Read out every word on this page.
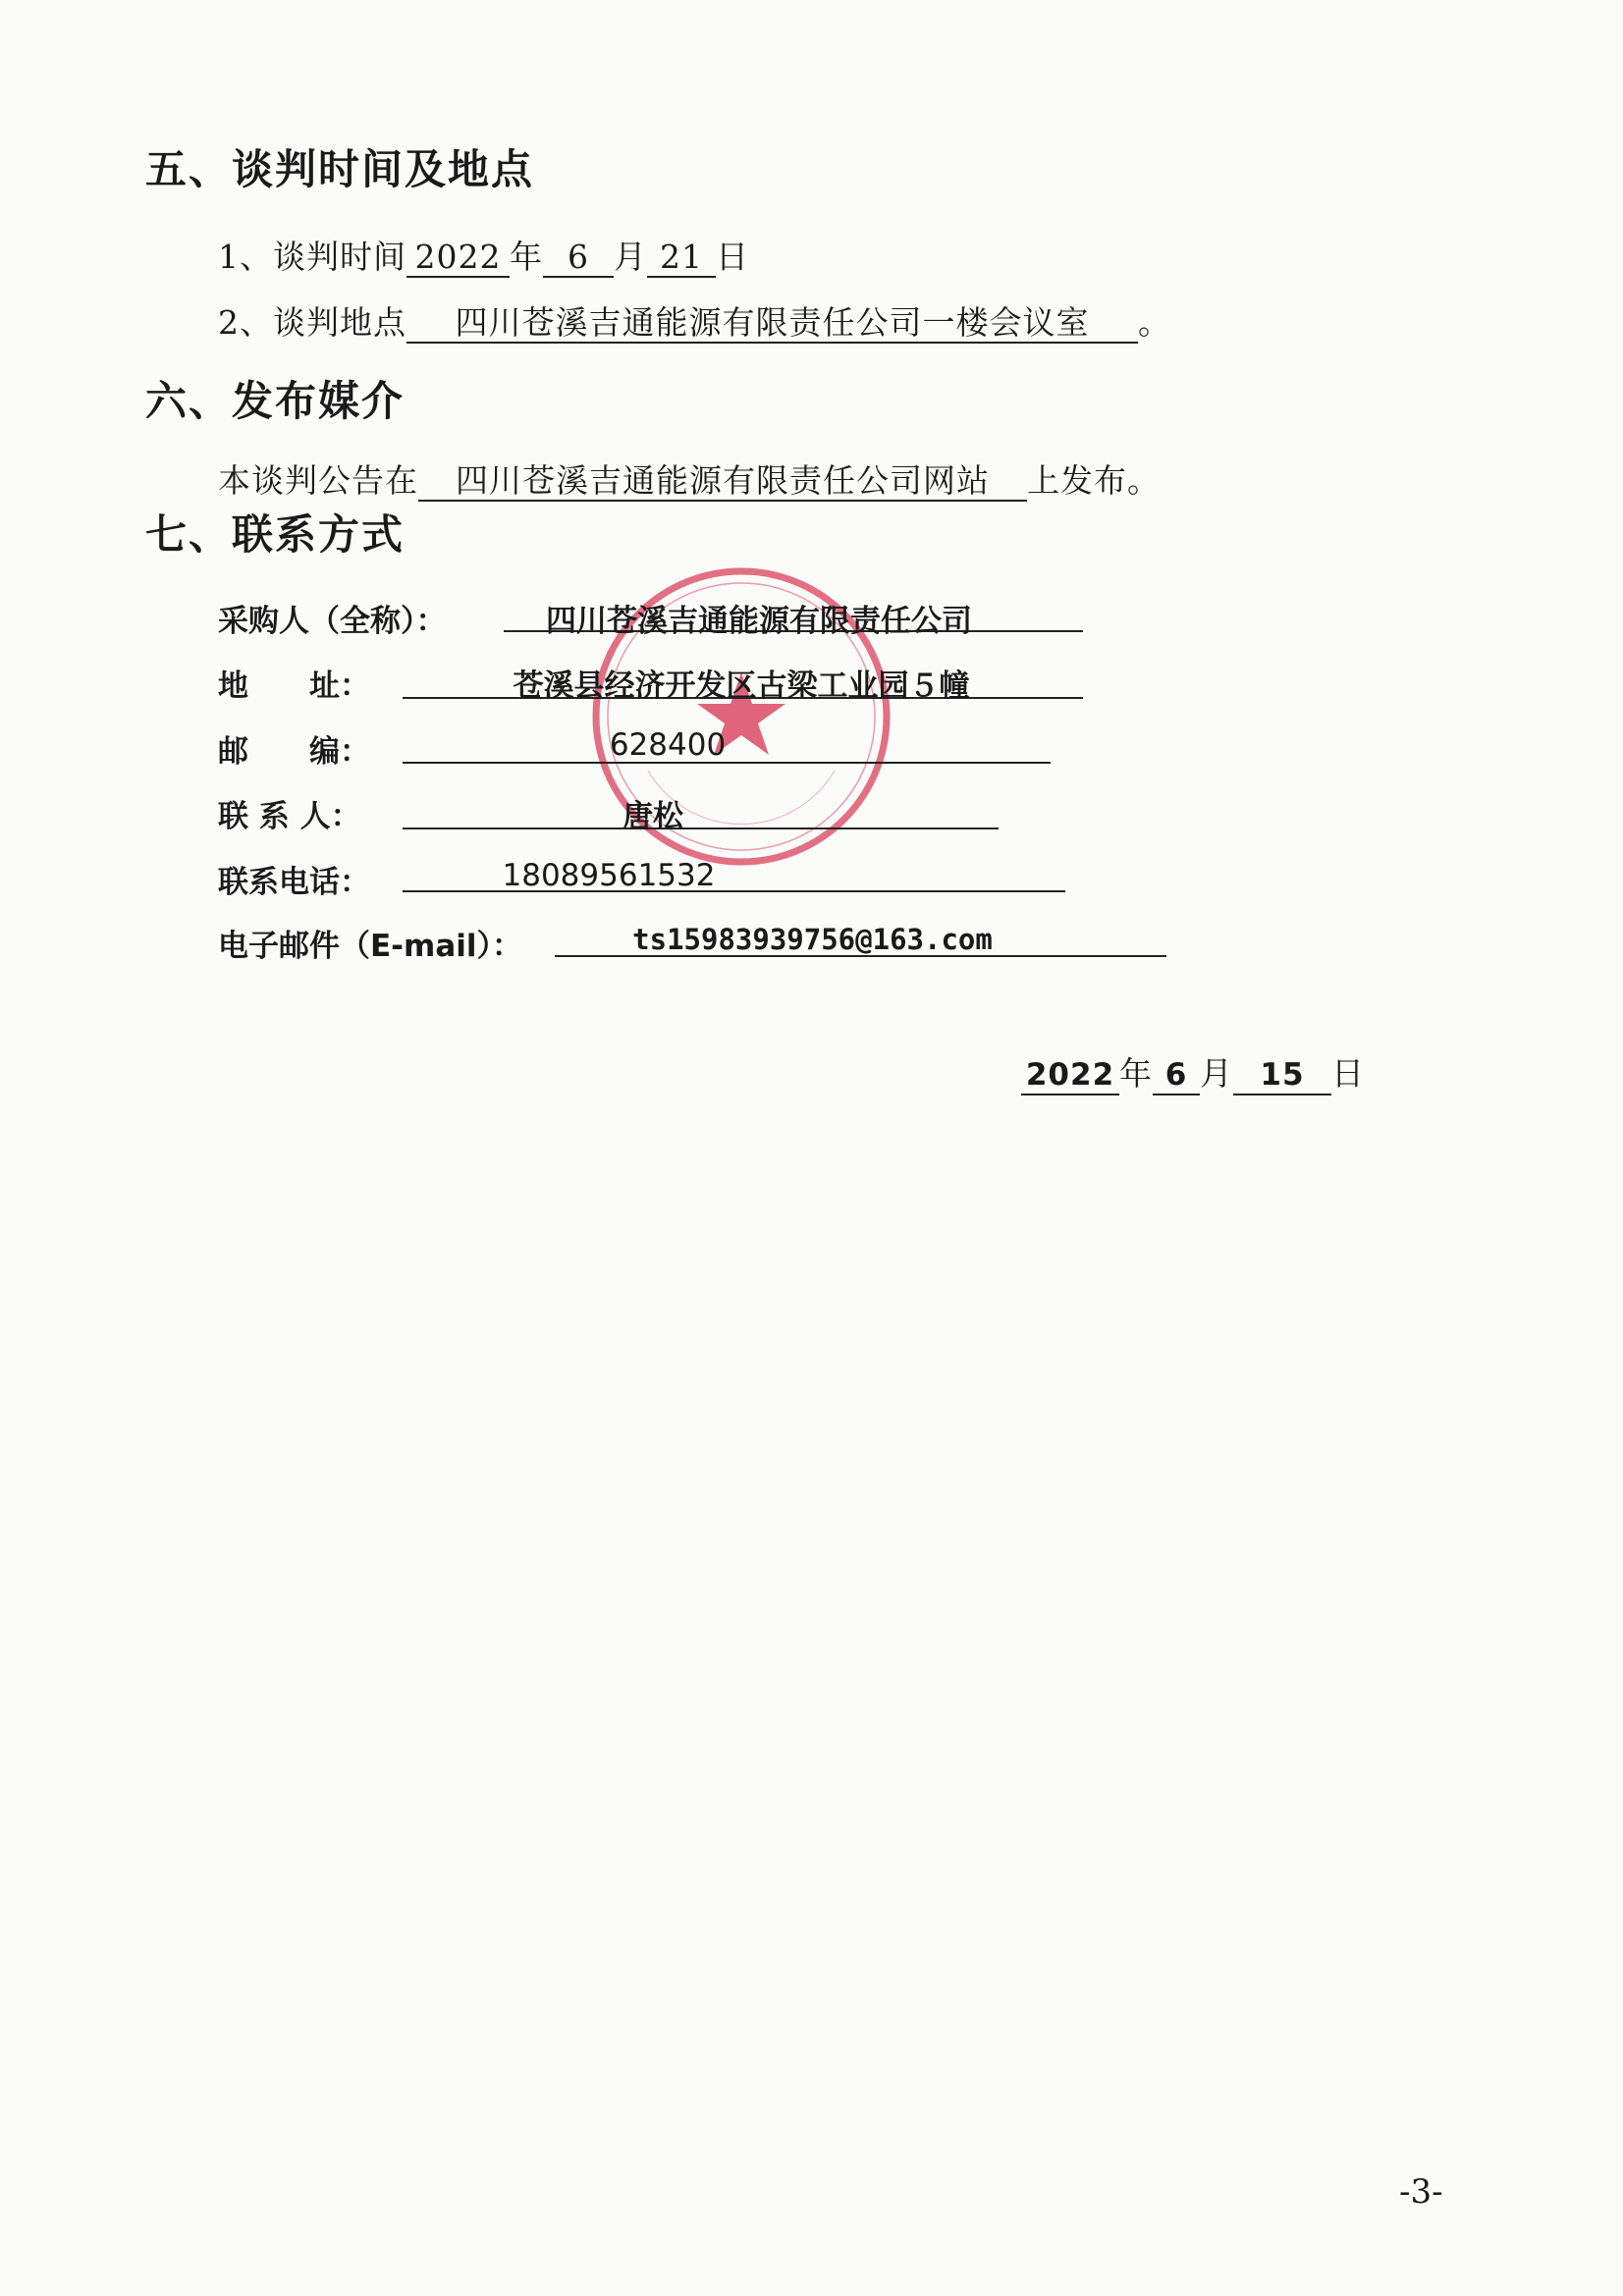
五、谈判时间及地点
1、谈判时间 2022 年 6 月 21 日
2、谈判地点 四川苍溪吉通能源有限责任公司一楼会议室 。
六、发布媒介
本谈判公告在 四川苍溪吉通能源有限责任公司网站 上发布。
七、联系方式
采购人（全称）：	四川苍溪吉通能源有限责任公司
地　　址：	苍溪县经济开发区古梁工业园５幢
邮　　编：	628400
联 系 人：	唐松
联系电话：	18089561532
电子邮件（E-mail）：	ts15983939756@163.com
2022 年 6 月 15 日
-3-
